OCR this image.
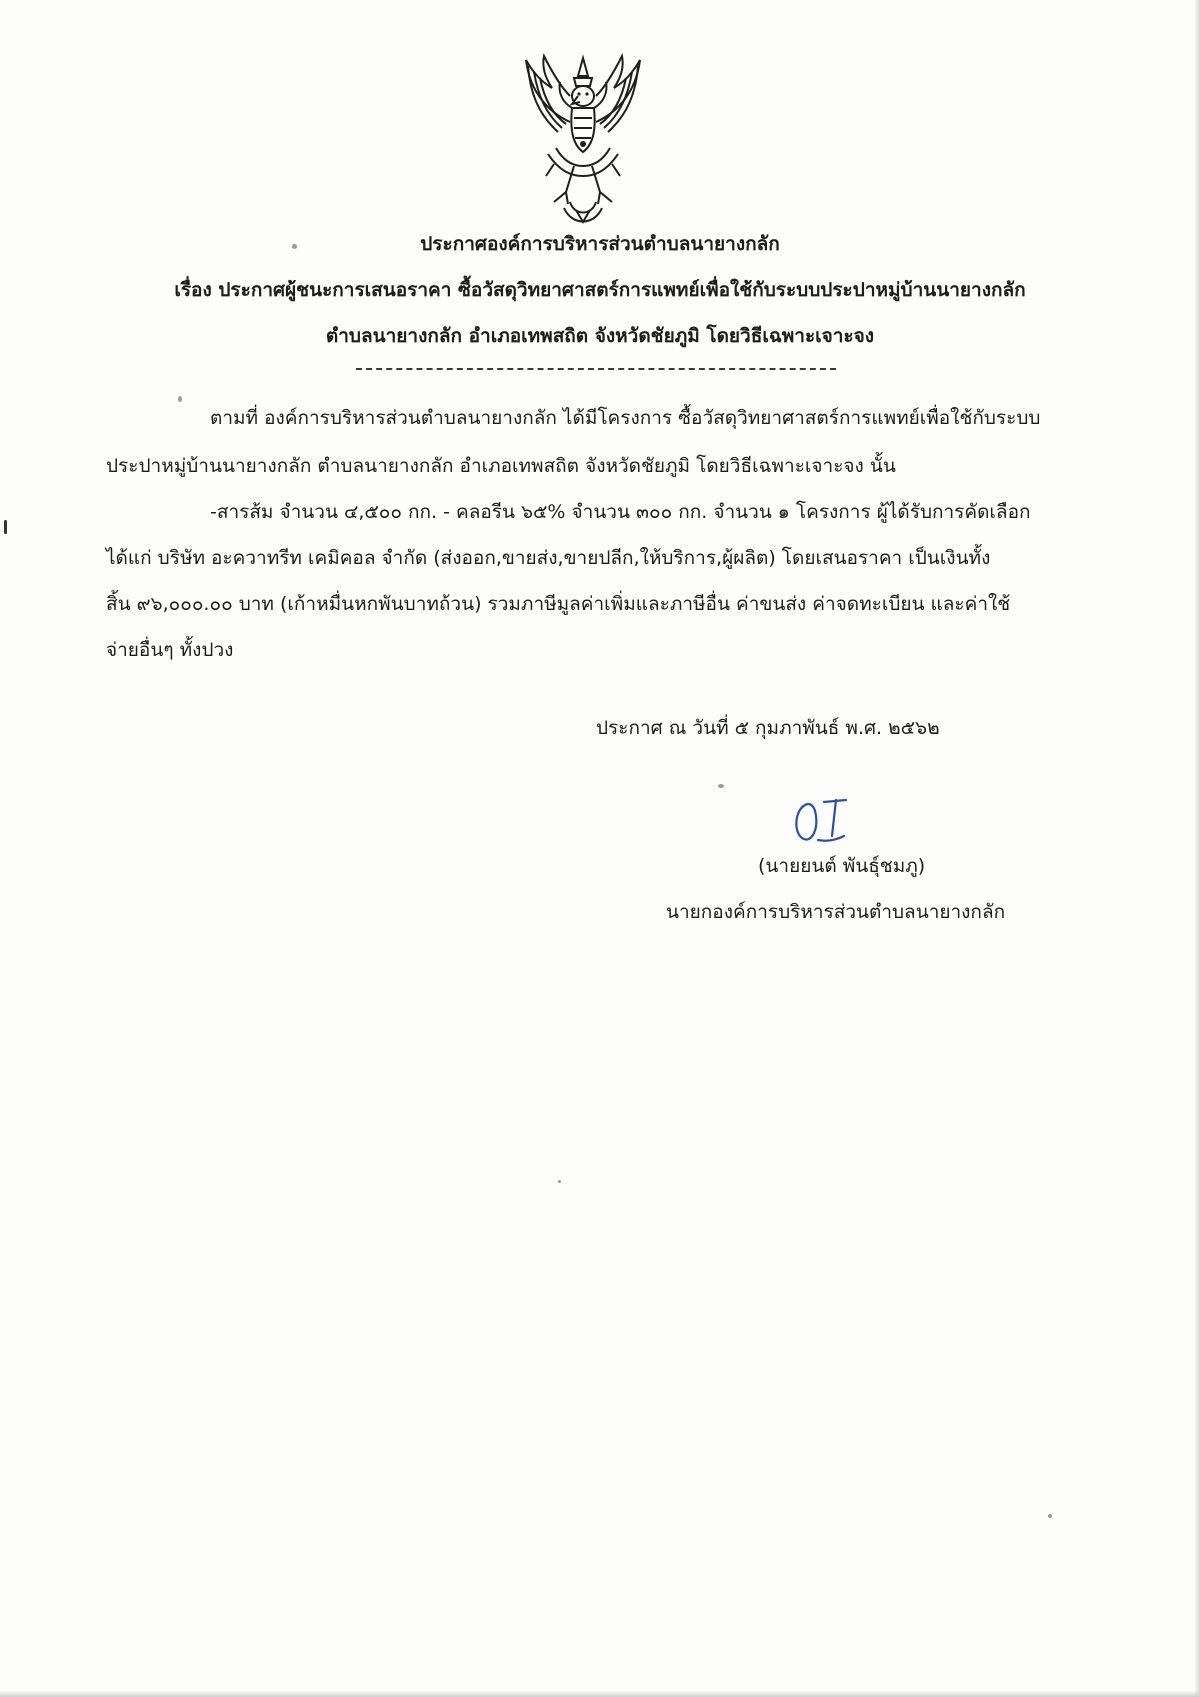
ประกาศองค์การบริหารส่วนตำบลนายางกลัก
เรื่อง ประกาศผู้ชนะการเสนอราคา ซื้อวัสดุวิทยาศาสตร์การแพทย์เพื่อใช้กับระบบประปาหมู่บ้านนายางกลัก
ตำบลนายางกลัก อำเภอเทพสถิต จังหวัดชัยภูมิ โดยวิธีเฉพาะเจาะจง
ตามที่ องค์การบริหารส่วนตำบลนายางกลัก ได้มีโครงการ ซื้อวัสดุวิทยาศาสตร์การแพทย์เพื่อใช้กับระบบ
ประปาหมู่บ้านนายางกลัก ตำบลนายางกลัก อำเภอเทพสถิต จังหวัดชัยภูมิ โดยวิธีเฉพาะเจาะจง นั้น
-สารส้ม จำนวน ๔,๕๐๐ กก. - คลอรีน ๖๕% จำนวน ๓๐๐ กก. จำนวน ๑ โครงการ ผู้ได้รับการคัดเลือก
ได้แก่ บริษัท อะควาทรีท เคมิคอล จำกัด (ส่งออก,ขายส่ง,ขายปลีก,ให้บริการ,ผู้ผลิต) โดยเสนอราคา เป็นเงินทั้ง
สิ้น ๙๖,๐๐๐.๐๐ บาท (เก้าหมื่นหกพันบาทถ้วน) รวมภาษีมูลค่าเพิ่มและภาษีอื่น ค่าขนส่ง ค่าจดทะเบียน และค่าใช้
จ่ายอื่นๆ ทั้งปวง
ประกาศ ณ วันที่ ๕ กุมภาพันธ์ พ.ศ. ๒๕๖๒
(นายยนต์ พันธุ์ชมภู)
นายกองค์การบริหารส่วนตำบลนายางกลัก
